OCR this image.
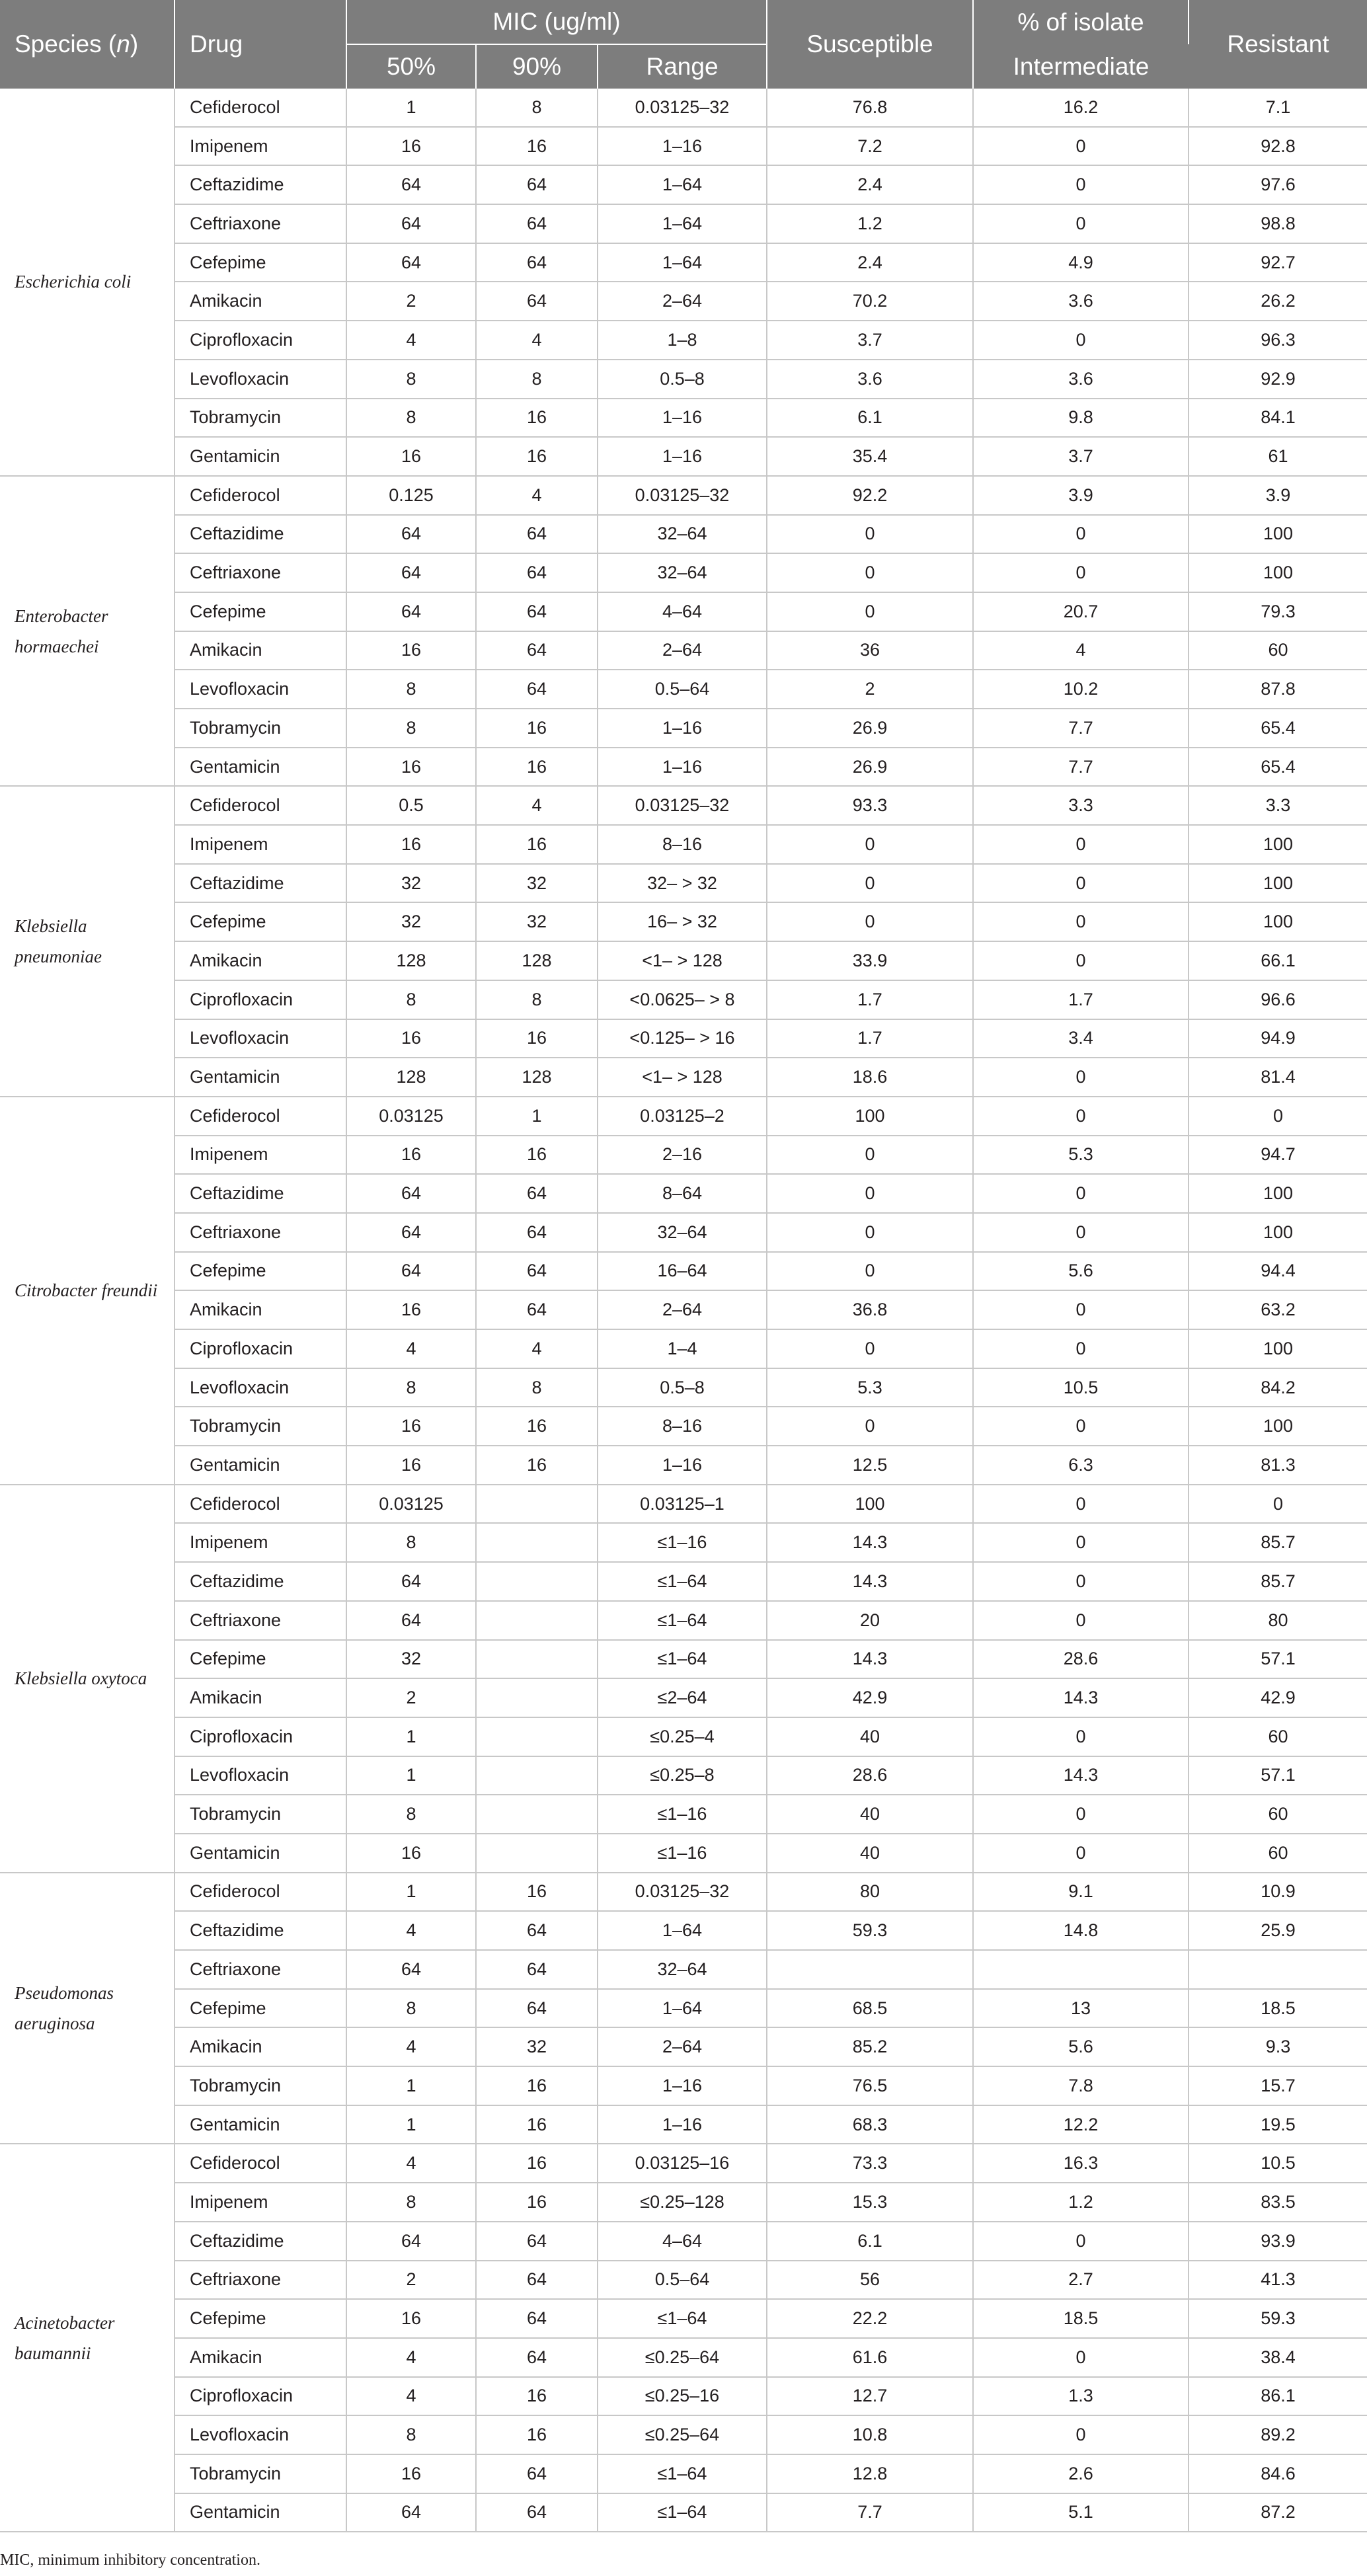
Species (n)	Drug	MIC (ug/ml)			Susceptible	% of isolate	Resistant
		50%	90%	Range		Intermediate	
Escherichia coli	Cefiderocol	1	8	0.03125–32	76.8	16.2	7.1
	Imipenem	16	16	1–16	7.2	0	92.8
	Ceftazidime	64	64	1–64	2.4	0	97.6
	Ceftriaxone	64	64	1–64	1.2	0	98.8
	Cefepime	64	64	1–64	2.4	4.9	92.7
	Amikacin	2	64	2–64	70.2	3.6	26.2
	Ciprofloxacin	4	4	1–8	3.7	0	96.3
	Levofloxacin	8	8	0.5–8	3.6	3.6	92.9
	Tobramycin	8	16	1–16	6.1	9.8	84.1
	Gentamicin	16	16	1–16	35.4	3.7	61
Enterobacter hormaechei	Cefiderocol	0.125	4	0.03125–32	92.2	3.9	3.9
	Ceftazidime	64	64	32–64	0	0	100
	Ceftriaxone	64	64	32–64	0	0	100
	Cefepime	64	64	4–64	0	20.7	79.3
	Amikacin	16	64	2–64	36	4	60
	Levofloxacin	8	64	0.5–64	2	10.2	87.8
	Tobramycin	8	16	1–16	26.9	7.7	65.4
	Gentamicin	16	16	1–16	26.9	7.7	65.4
Klebsiella pneumoniae	Cefiderocol	0.5	4	0.03125–32	93.3	3.3	3.3
	Imipenem	16	16	8–16	0	0	100
	Ceftazidime	32	32	32– > 32	0	0	100
	Cefepime	32	32	16– > 32	0	0	100
	Amikacin	128	128	<1– > 128	33.9	0	66.1
	Ciprofloxacin	8	8	<0.0625– > 8	1.7	1.7	96.6
	Levofloxacin	16	16	<0.125– > 16	1.7	3.4	94.9
	Gentamicin	128	128	<1– > 128	18.6	0	81.4
Citrobacter freundii	Cefiderocol	0.03125	1	0.03125–2	100	0	0
	Imipenem	16	16	2–16	0	5.3	94.7
	Ceftazidime	64	64	8–64	0	0	100
	Ceftriaxone	64	64	32–64	0	0	100
	Cefepime	64	64	16–64	0	5.6	94.4
	Amikacin	16	64	2–64	36.8	0	63.2
	Ciprofloxacin	4	4	1–4	0	0	100
	Levofloxacin	8	8	0.5–8	5.3	10.5	84.2
	Tobramycin	16	16	8–16	0	0	100
	Gentamicin	16	16	1–16	12.5	6.3	81.3
Klebsiella oxytoca	Cefiderocol	0.03125		0.03125–1	100	0	0
	Imipenem	8		≤1–16	14.3	0	85.7
	Ceftazidime	64		≤1–64	14.3	0	85.7
	Ceftriaxone	64		≤1–64	20	0	80
	Cefepime	32		≤1–64	14.3	28.6	57.1
	Amikacin	2		≤2–64	42.9	14.3	42.9
	Ciprofloxacin	1		≤0.25–4	40	0	60
	Levofloxacin	1		≤0.25–8	28.6	14.3	57.1
	Tobramycin	8		≤1–16	40	0	60
	Gentamicin	16		≤1–16	40	0	60
Pseudomonas aeruginosa	Cefiderocol	1	16	0.03125–32	80	9.1	10.9
	Ceftazidime	4	64	1–64	59.3	14.8	25.9
	Ceftriaxone	64	64	32–64			
	Cefepime	8	64	1–64	68.5	13	18.5
	Amikacin	4	32	2–64	85.2	5.6	9.3
	Tobramycin	1	16	1–16	76.5	7.8	15.7
	Gentamicin	1	16	1–16	68.3	12.2	19.5
Acinetobacter baumannii	Cefiderocol	4	16	0.03125–16	73.3	16.3	10.5
	Imipenem	8	16	≤0.25–128	15.3	1.2	83.5
	Ceftazidime	64	64	4–64	6.1	0	93.9
	Ceftriaxone	2	64	0.5–64	56	2.7	41.3
	Cefepime	16	64	≤1–64	22.2	18.5	59.3
	Amikacin	4	64	≤0.25–64	61.6	0	38.4
	Ciprofloxacin	4	16	≤0.25–16	12.7	1.3	86.1
	Levofloxacin	8	16	≤0.25–64	10.8	0	89.2
	Tobramycin	16	64	≤1–64	12.8	2.6	84.6
	Gentamicin	64	64	≤1–64	7.7	5.1	87.2
MIC, minimum inhibitory concentration.
